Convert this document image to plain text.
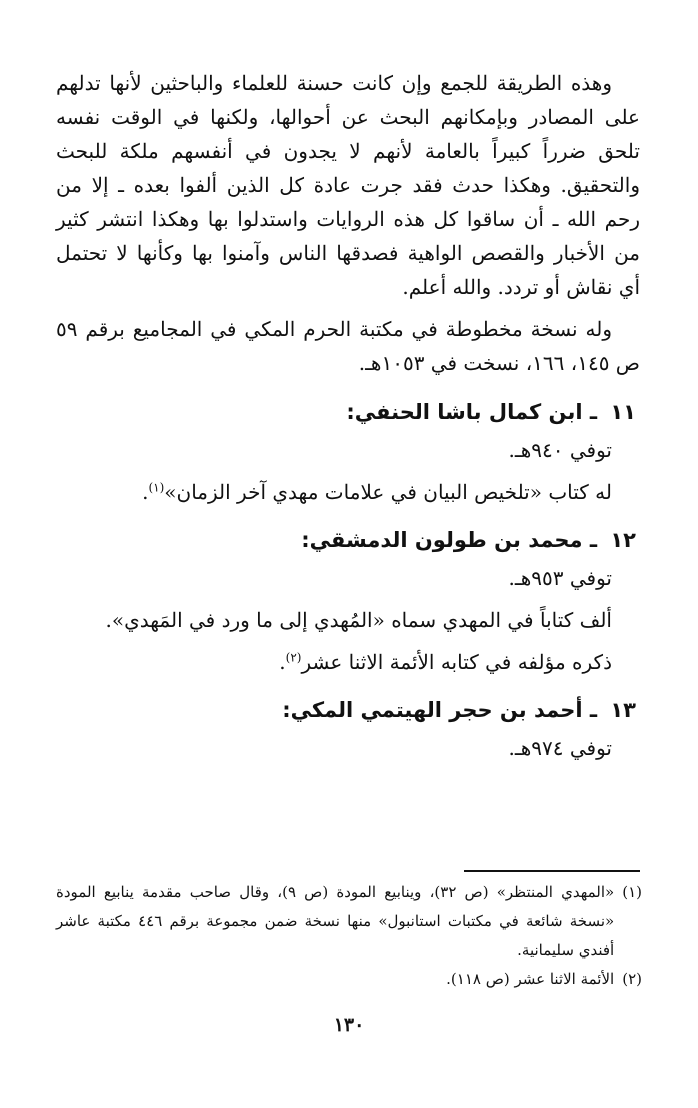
وهذه الطريقة للجمع وإن كانت حسنة للعلماء والباحثين لأنها تدلهم على المصادر وبإمكانهم البحث عن أحوالها، ولكنها في الوقت نفسه تلحق ضرراً كبيراً بالعامة لأنهم لا يجدون في أنفسهم ملكة للبحث والتحقيق. وهكذا حدث فقد جرت عادة كل الذين ألفوا بعده ـ إلا من رحم الله ـ أن ساقوا كل هذه الروايات واستدلوا بها وهكذا انتشر كثير من الأخبار والقصص الواهية فصدقها الناس وآمنوا بها وكأنها لا تحتمل أي نقاش أو تردد. والله أعلم.

وله نسخة مخطوطة في مكتبة الحرم المكي في المجاميع برقم ٥٩ ص ١٤٥، ١٦٦، نسخت في ١٠٥٣هـ.

١١ ـ ابن كمال باشا الحنفي:
توفي ٩٤٠هـ.
له كتاب «تلخيص البيان في علامات مهدي آخر الزمان»$^{(١)}$.
١٢ ـ محمد بن طولون الدمشقي:
توفي ٩٥٣هـ.
ألف كتاباً في المهدي سماه «المُهدي إلى ما ورد في المَهدي».
ذكره مؤلفه في كتابه الأئمة الاثنا عشر$^{(٢)}$.
١٣ ـ أحمد بن حجر الهيتمي المكي:
توفي ٩٧٤هـ.

(١)
«المهدي المنتظر» (ص ٣٢)، وينابيع المودة (ص ٩)، وقال صاحب مقدمة ينابيع المودة «نسخة شائعة في مكتبات استانبول» منها نسخة ضمن مجموعة برقم ٤٤٦ مكتبة عاشر أفندي سليمانية.

(٢)
الأئمة الاثنا عشر (ص ١١٨).

١٣٠
